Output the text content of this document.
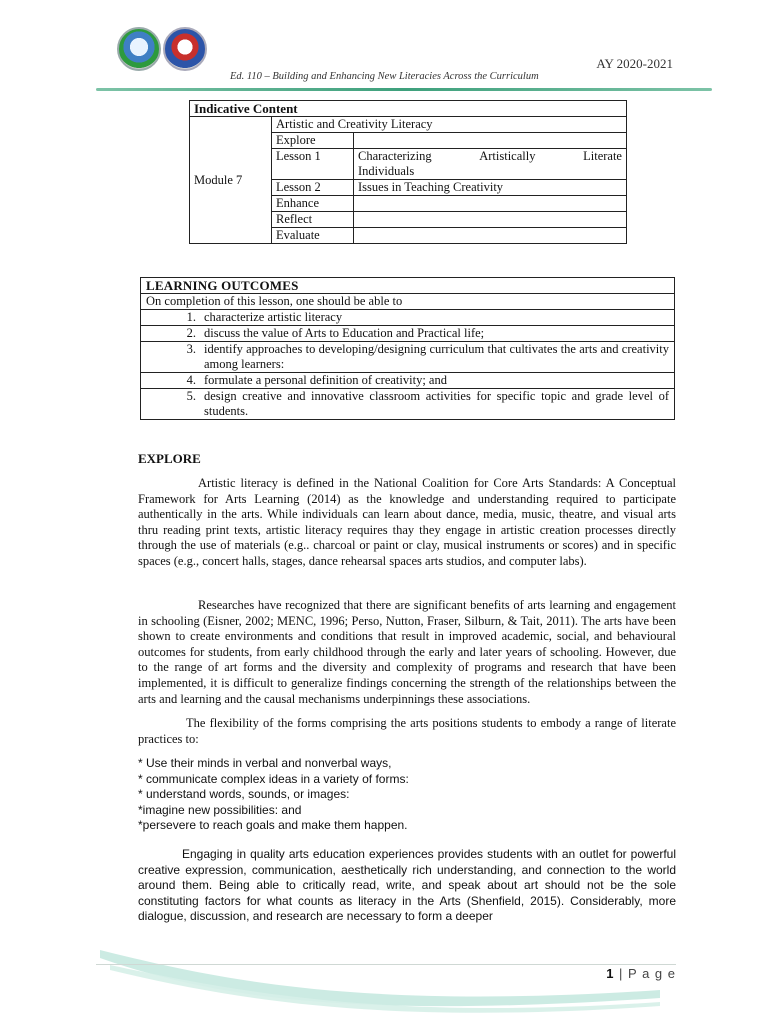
AY 2020-2021
Ed. 110 – Building and Enhancing New Literacies Across the Curriculum
Indicative Content		
Module 7	Artistic and Creativity Literacy	
	Explore	
	Lesson 1	Characterizing Artistically Literate
Individuals

	Lesson 2	Issues in Teaching Creativity
	Enhance	
	Reflect	
	Evaluate	
LEARNING OUTCOMES
On completion of this lesson, one should be able to
1. characterize artistic literacy
2. discuss the value of Arts to Education and Practical life;
3. identify approaches to developing/designing curriculum that cultivates the arts and creativity among learners:
4. formulate a personal definition of creativity; and
5. design creative and innovative classroom activities for specific topic and grade level of students.
EXPLORE
Artistic literacy is defined in the National Coalition for Core Arts Standards: A Conceptual Framework for Arts Learning (2014) as the knowledge and understanding required to participate authentically in the arts. While individuals can learn about dance, media, music, theatre, and visual arts thru reading print texts, artistic literacy requires thay they engage in artistic creation processes directly through the use of materials (e.g.. charcoal or paint or clay, musical instruments or scores) and in specific spaces (e.g., concert halls, stages, dance rehearsal spaces arts studios, and computer labs).
Researches have recognized that there are significant benefits of arts learning and engagement in schooling (Eisner, 2002; MENC, 1996; Perso, Nutton, Fraser, Silburn, & Tait, 2011). The arts have been shown to create environments and conditions that result in improved academic, social, and behavioural outcomes for students, from early childhood through the early and later years of schooling. However, due to the range of art forms and the diversity and complexity of programs and research that have been implemented, it is difficult to generalize findings concerning the strength of the relationships between the arts and learning and the causal mechanisms underpinnings these associations.
The flexibility of the forms comprising the arts positions students to embody a range of literate practices to:
* Use their minds in verbal and nonverbal ways,
* communicate complex ideas in a variety of forms:
* understand words, sounds, or images:
*imagine new possibilities: and
*persevere to reach goals and make them happen.
Engaging in quality arts education experiences provides students with an outlet for powerful creative expression, communication, aesthetically rich understanding, and connection to the world around them. Being able to critically read, write, and speak about art should not be the sole constituting factors for what counts as literacy in the Arts (Shenfield, 2015). Considerably, more dialogue, discussion, and research are necessary to form a deeper
1 | P a g e
